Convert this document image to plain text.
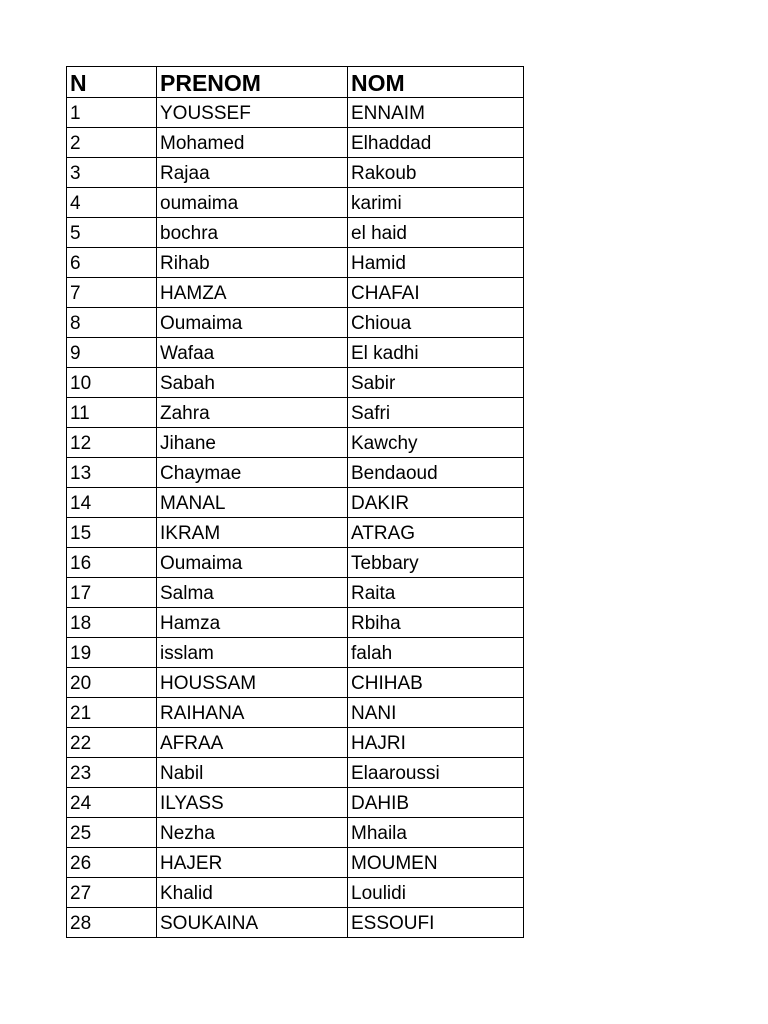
N	PRENOM	NOM
1	YOUSSEF	ENNAIM
2	Mohamed	Elhaddad
3	Rajaa	Rakoub
4	oumaima	karimi
5	bochra	el haid
6	Rihab	Hamid
7	HAMZA	CHAFAI
8	Oumaima	Chioua
9	Wafaa	El kadhi
10	Sabah	Sabir
11	Zahra	Safri
12	Jihane	Kawchy
13	Chaymae	Bendaoud
14	MANAL	DAKIR
15	IKRAM	ATRAG
16	Oumaima	Tebbary
17	Salma	Raita
18	Hamza	Rbiha
19	isslam	falah
20	HOUSSAM	CHIHAB
21	RAIHANA	NANI
22	AFRAA	HAJRI
23	Nabil	Elaaroussi
24	ILYASS	DAHIB
25	Nezha	Mhaila
26	HAJER	MOUMEN
27	Khalid	Loulidi
28	SOUKAINA	ESSOUFI
